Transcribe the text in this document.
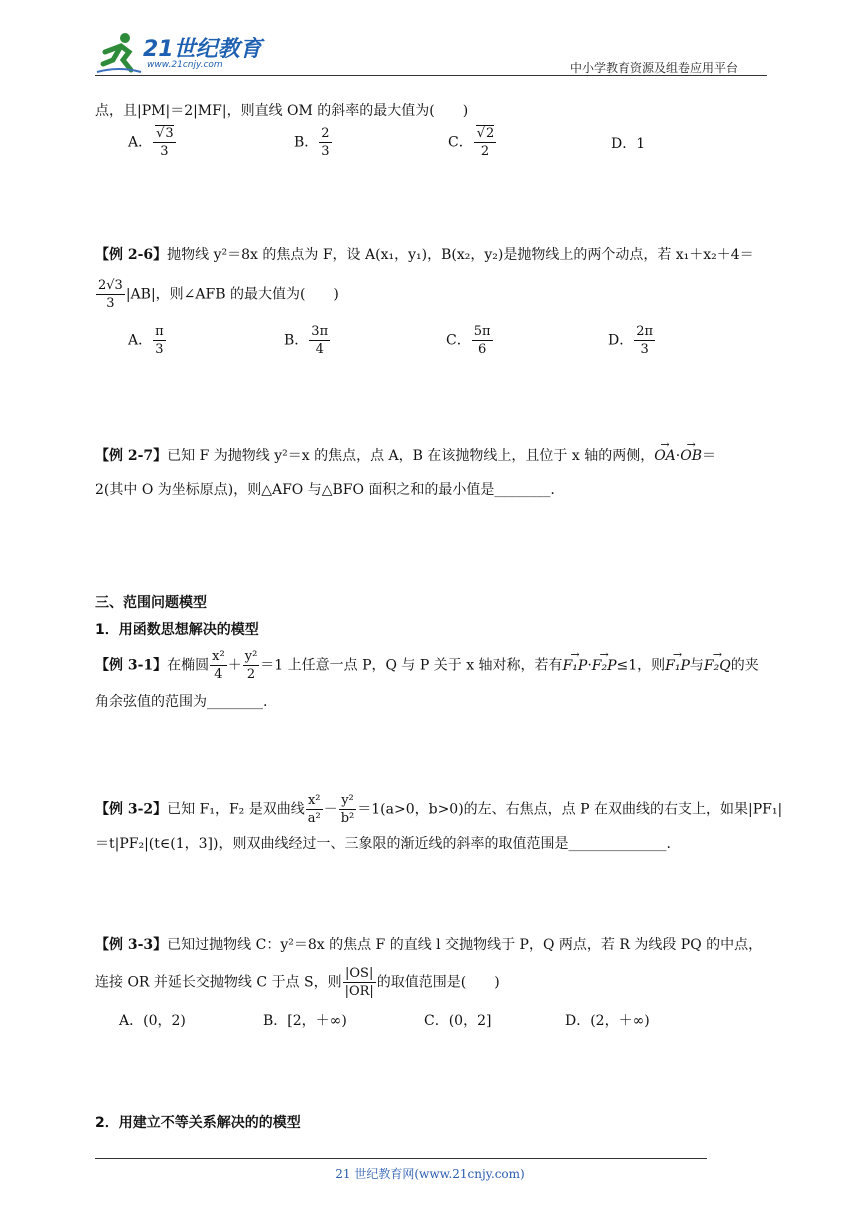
21世纪教育
www.21cnjy.com	中小学教育资源及组卷应用平台
点，且|PM|＝2|MF|，则直线 OM 的斜率的最大值为(　　)
A． √ $\frac{3}{3}$	B． $\frac{2}{3}$	C． √ $\frac{2}{2}$	D．1
【例 2-6】抛物线 y²＝8x 的焦点为 F，设 A(x₁，y₁)，B(x₂，y₂)是抛物线上的两个动点，若 x₁＋x₂＋4＝
$\frac{2√3}{3} |AB|$，则∠AFB 的最大值为(　　)
A． $\frac{\pi}{3}$	B． $\frac{3\pi}{4}$	C． $\frac{5\pi}{6}$	D． $\frac{2\pi}{3}$
【例 2-7】已知 F 为抛物线 y²＝x 的焦点，点 A，B 在该抛物线上，且位于 x 轴的两侧，→ OA·→ OB＝
2(其中 O 为坐标原点)，则△AFO 与△BFO 面积之和的最小值是________.
三、范围问题模型
1．用函数思想解决的模型
【例 3-1】在椭圆 $\frac{\text{x²}}{4} + \frac{\text{y²}}{2} =1$ 上任意一点 P，Q 与 P 关于 x 轴对称，若有→ F₁P·→ F₂P≤1，则→ F₁P与→ F₂Q的夹
角余弦值的范围为________.
【例 3-2】已知 F₁，F₂ 是双曲线 $\frac{\text{x²}}{\text{a²}} - \frac{\text{y²}}{\text{b²}} =1(a>0$，b>0)的左、右焦点，点 P 在双曲线的右支上，如果|PF₁|
＝t|PF₂|(t∈(1，3])，则双曲线经过一、三象限的渐近线的斜率的取值范围是______________.
【例 3-3】已知过抛物线 C：y²＝8x 的焦点 F 的直线 l 交抛物线于 P，Q 两点，若 R 为线段 PQ 的中点，
连接 OR 并延长交抛物线 C 于点 S，则 $\frac{|OS|}{|OR|}$ 的取值范围是(　　)
A．(0，2)	B．[2，＋∞)	C．(0，2]	D．(2，＋∞)
2．用建立不等关系解决的的模型
21 世纪教育网(www.21cnjy.com)
